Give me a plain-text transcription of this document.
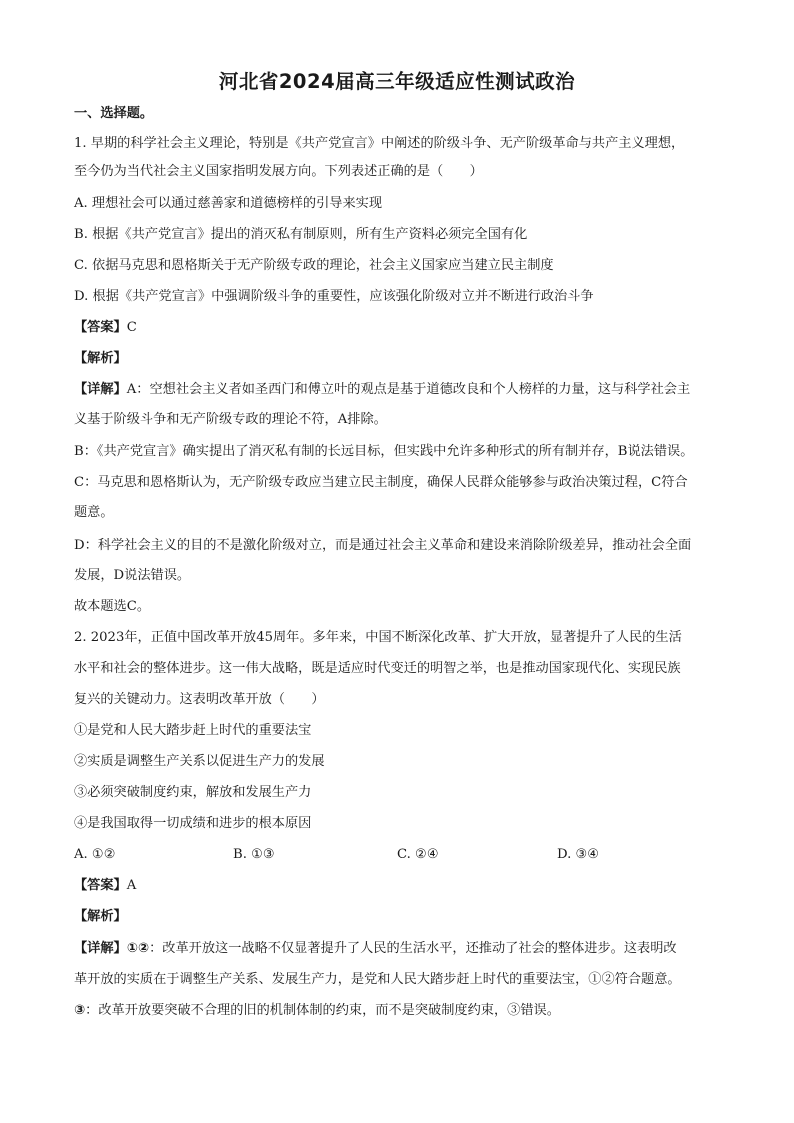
河北省2024届高三年级适应性测试政治
一、选择题。
1. 早期的科学社会主义理论，特别是《共产党宣言》中阐述的阶级斗争、无产阶级革命与共产主义理想，
至今仍为当代社会主义国家指明发展方向。下列表述正确的是（　　）
A. 理想社会可以通过慈善家和道德榜样的引导来实现
B. 根据《共产党宣言》提出的消灭私有制原则，所有生产资料必须完全国有化
C. 依据马克思和恩格斯关于无产阶级专政的理论，社会主义国家应当建立民主制度
D. 根据《共产党宣言》中强调阶级斗争的重要性，应该强化阶级对立并不断进行政治斗争
【答案】C
【解析】
【详解】A：空想社会主义者如圣西门和傅立叶的观点是基于道德改良和个人榜样的力量，这与科学社会主
义基于阶级斗争和无产阶级专政的理论不符，A排除。
B：《共产党宣言》确实提出了消灭私有制的长远目标，但实践中允许多种形式的所有制并存，B说法错误。
C：马克思和恩格斯认为，无产阶级专政应当建立民主制度，确保人民群众能够参与政治决策过程，C符合
题意。
D：科学社会主义的目的不是激化阶级对立，而是通过社会主义革命和建设来消除阶级差异，推动社会全面
发展，D说法错误。
故本题选C。
2. 2023年，正值中国改革开放45周年。多年来，中国不断深化改革、扩大开放，显著提升了人民的生活
水平和社会的整体进步。这一伟大战略，既是适应时代变迁的明智之举，也是推动国家现代化、实现民族
复兴的关键动力。这表明改革开放（　　）
①是党和人民大踏步赶上时代的重要法宝
②实质是调整生产关系以促进生产力的发展
③必须突破制度约束，解放和发展生产力
④是我国取得一切成绩和进步的根本原因
A. ①②	B. ①③	C. ②④	D. ③④
【答案】A
【解析】
【详解】①②：改革开放这一战略不仅显著提升了人民的生活水平，还推动了社会的整体进步。这表明改
革开放的实质在于调整生产关系、发展生产力，是党和人民大踏步赶上时代的重要法宝，①②符合题意。
③：改革开放要突破不合理的旧的机制体制的约束，而不是突破制度约束，③错误。
